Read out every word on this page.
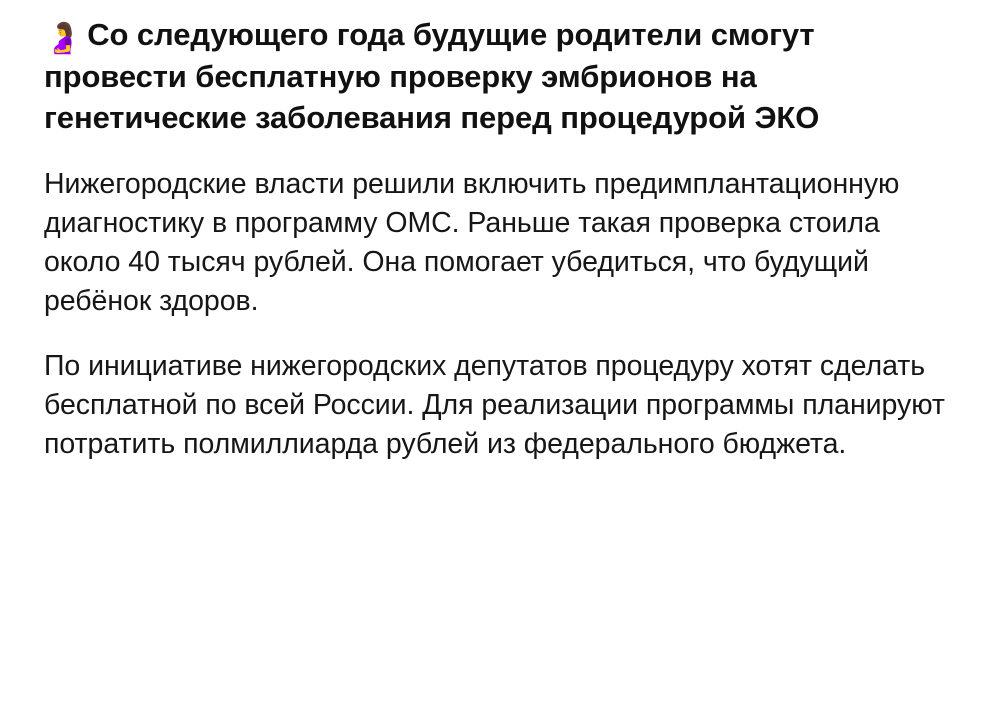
🤰 Со следующего года будущие родители смогут провести бесплатную проверку эмбрионов на генетические заболевания перед процедурой ЭКО

Нижегородские власти решили включить предимплантационную диагностику в программу ОМС. Раньше такая проверка стоила около 40 тысяч рублей. Она помогает убедиться, что будущий ребёнок здоров.

По инициативе нижегородских депутатов процедуру хотят сделать бесплатной по всей России. Для реализации программы планируют потратить полмиллиарда рублей из федерального бюджета.
